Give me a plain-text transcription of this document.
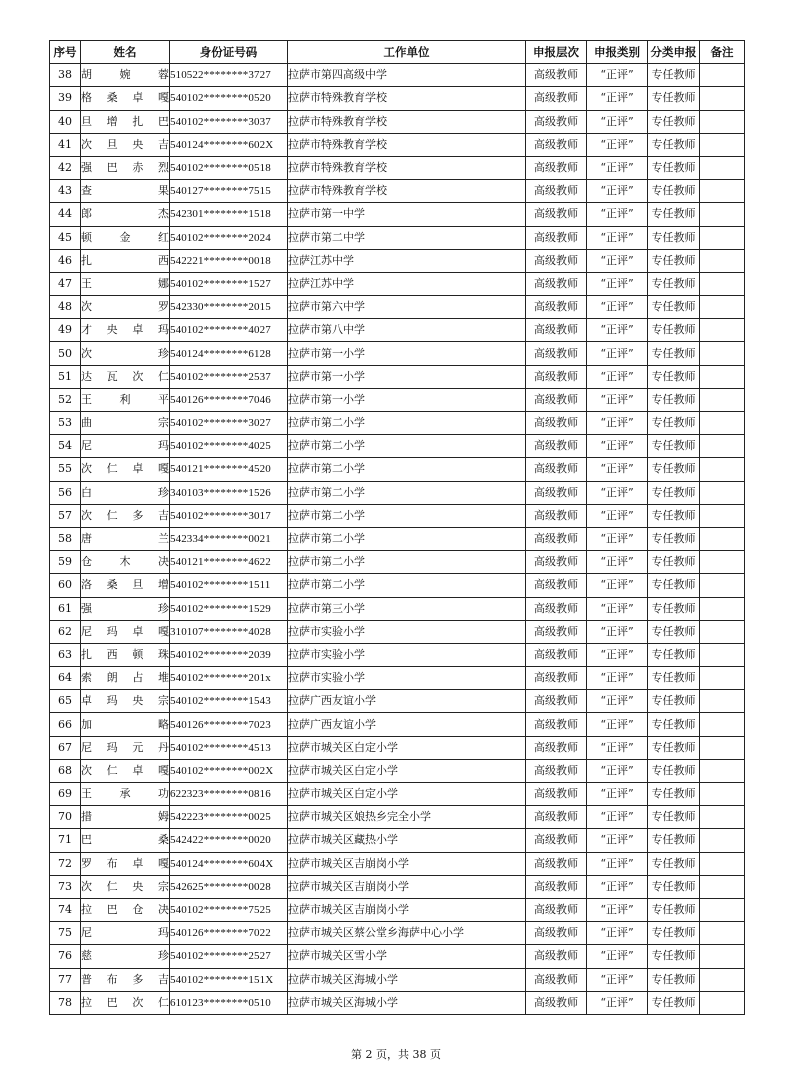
序号	姓名	身份证号码	工作单位	申报层次	申报类别	分类申报	备注
38	胡 婉 蓉	510522********3727	拉萨市第四高级中学	高级教师	“正评”	专任教师	
39	格 桑 卓 嘎	540102********0520	拉萨市特殊教育学校	高级教师	“正评”	专任教师	
40	旦 增 扎 巴	540102********3037	拉萨市特殊教育学校	高级教师	“正评”	专任教师	
41	次 旦 央 吉	540124********602X	拉萨市特殊教育学校	高级教师	“正评”	专任教师	
42	强 巴 赤 烈	540102********0518	拉萨市特殊教育学校	高级教师	“正评”	专任教师	
43	查 果	540127********7515	拉萨市特殊教育学校	高级教师	“正评”	专任教师	
44	郎 杰	542301********1518	拉萨市第一中学	高级教师	“正评”	专任教师	
45	顿 金 红	540102********2024	拉萨市第二中学	高级教师	“正评”	专任教师	
46	扎 西	542221********0018	拉萨江苏中学	高级教师	“正评”	专任教师	
47	王 娜	540102********1527	拉萨江苏中学	高级教师	“正评”	专任教师	
48	次 罗	542330********2015	拉萨市第六中学	高级教师	“正评”	专任教师	
49	才 央 卓 玛	540102********4027	拉萨市第八中学	高级教师	“正评”	专任教师	
50	次 珍	540124********6128	拉萨市第一小学	高级教师	“正评”	专任教师	
51	达 瓦 次 仁	540102********2537	拉萨市第一小学	高级教师	“正评”	专任教师	
52	王 利 平	540126********7046	拉萨市第一小学	高级教师	“正评”	专任教师	
53	曲 宗	540102********3027	拉萨市第二小学	高级教师	“正评”	专任教师	
54	尼 玛	540102********4025	拉萨市第二小学	高级教师	“正评”	专任教师	
55	次 仁 卓 嘎	540121********4520	拉萨市第二小学	高级教师	“正评”	专任教师	
56	白 珍	340103********1526	拉萨市第二小学	高级教师	“正评”	专任教师	
57	次 仁 多 吉	540102********3017	拉萨市第二小学	高级教师	“正评”	专任教师	
58	唐 兰	542334********0021	拉萨市第二小学	高级教师	“正评”	专任教师	
59	仓 木 决	540121********4622	拉萨市第二小学	高级教师	“正评”	专任教师	
60	洛 桑 旦 增	540102********1511	拉萨市第二小学	高级教师	“正评”	专任教师	
61	强 珍	540102********1529	拉萨市第三小学	高级教师	“正评”	专任教师	
62	尼 玛 卓 嘎	310107********4028	拉萨市实验小学	高级教师	“正评”	专任教师	
63	扎 西 顿 珠	540102********2039	拉萨市实验小学	高级教师	“正评”	专任教师	
64	索 朗 占 堆	540102********201x	拉萨市实验小学	高级教师	“正评”	专任教师	
65	卓 玛 央 宗	540102********1543	拉萨广西友谊小学	高级教师	“正评”	专任教师	
66	加 略	540126********7023	拉萨广西友谊小学	高级教师	“正评”	专任教师	
67	尼 玛 元 丹	540102********4513	拉萨市城关区白定小学	高级教师	“正评”	专任教师	
68	次 仁 卓 嘎	540102********002X	拉萨市城关区白定小学	高级教师	“正评”	专任教师	
69	王 承 功	622323********0816	拉萨市城关区白定小学	高级教师	“正评”	专任教师	
70	措 姆	542223********0025	拉萨市城关区娘热乡完全小学	高级教师	“正评”	专任教师	
71	巴 桑	542422********0020	拉萨市城关区藏热小学	高级教师	“正评”	专任教师	
72	罗 布 卓 嘎	540124********604X	拉萨市城关区吉崩岗小学	高级教师	“正评”	专任教师	
73	次 仁 央 宗	542625********0028	拉萨市城关区吉崩岗小学	高级教师	“正评”	专任教师	
74	拉 巴 仓 决	540102********7525	拉萨市城关区吉崩岗小学	高级教师	“正评”	专任教师	
75	尼 玛	540126********7022	拉萨市城关区蔡公堂乡海萨中心小学	高级教师	“正评”	专任教师	
76	慈 珍	540102********2527	拉萨市城关区雪小学	高级教师	“正评”	专任教师	
77	普 布 多 吉	540102********151X	拉萨市城关区海城小学	高级教师	“正评”	专任教师	
78	拉 巴 次 仁	610123********0510	拉萨市城关区海城小学	高级教师	“正评”	专任教师	
第 2 页，共 38 页
